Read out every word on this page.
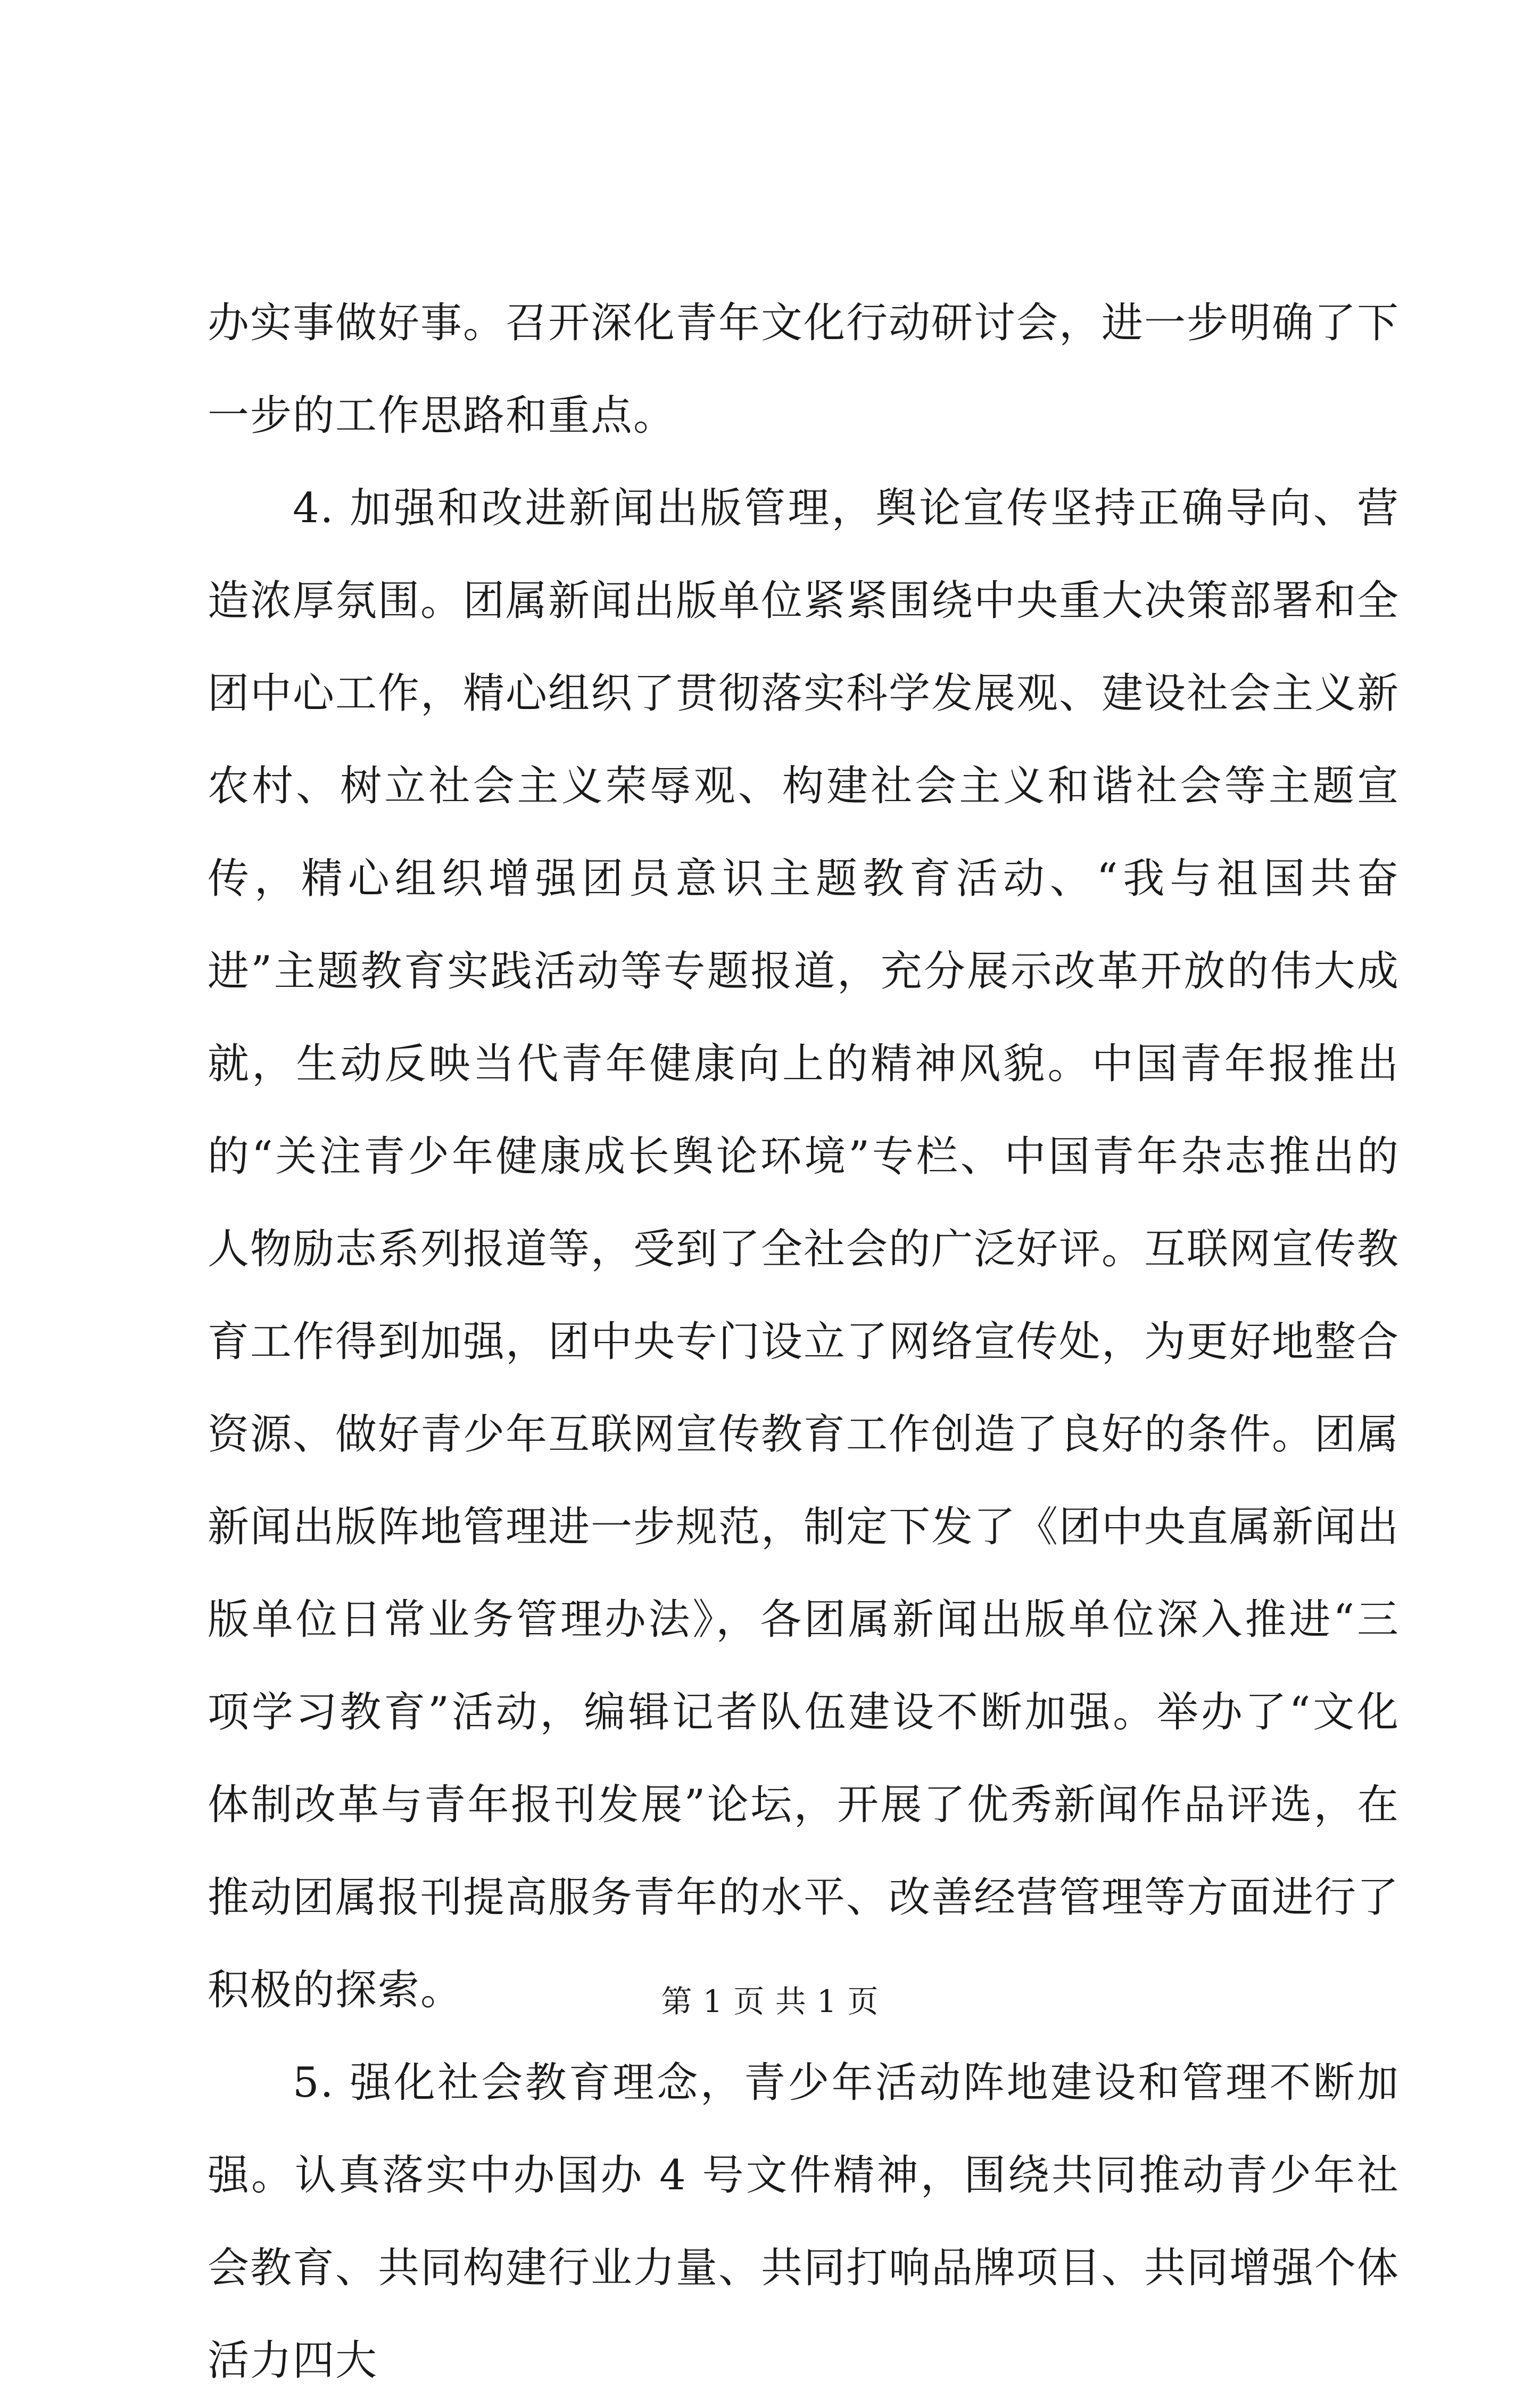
办实事做好事。召开深化青年文化行动研讨会，进一步明确了下一步的工作思路和重点。

4. 加强和改进新闻出版管理，舆论宣传坚持正确导向、营造浓厚氛围。团属新闻出版单位紧紧围绕中央重大决策部署和全团中心工作，精心组织了贯彻落实科学发展观、建设社会主义新农村、树立社会主义荣辱观、构建社会主义和谐社会等主题宣传，精心组织增强团员意识主题教育活动、“我与祖国共奋进”主题教育实践活动等专题报道，充分展示改革开放的伟大成就，生动反映当代青年健康向上的精神风貌。中国青年报推出的“关注青少年健康成长舆论环境”专栏、中国青年杂志推出的人物励志系列报道等，受到了全社会的广泛好评。互联网宣传教育工作得到加强，团中央专门设立了网络宣传处，为更好地整合资源、做好青少年互联网宣传教育工作创造了良好的条件。团属新闻出版阵地管理进一步规范，制定下发了《团中央直属新闻出版单位日常业务管理办法》，各团属新闻出版单位深入推进“三项学习教育”活动，编辑记者队伍建设不断加强。举办了“文化体制改革与青年报刊发展”论坛，开展了优秀新闻作品评选，在推动团属报刊提高服务青年的水平、改善经营管理等方面进行了积极的探索。

5. 强化社会教育理念，青少年活动阵地建设和管理不断加强。认真落实中办国办 4 号文件精神，围绕共同推动青少年社会教育、共同构建行业力量、共同打响品牌项目、共同增强个体活力四大

第 1 页 共 1 页
